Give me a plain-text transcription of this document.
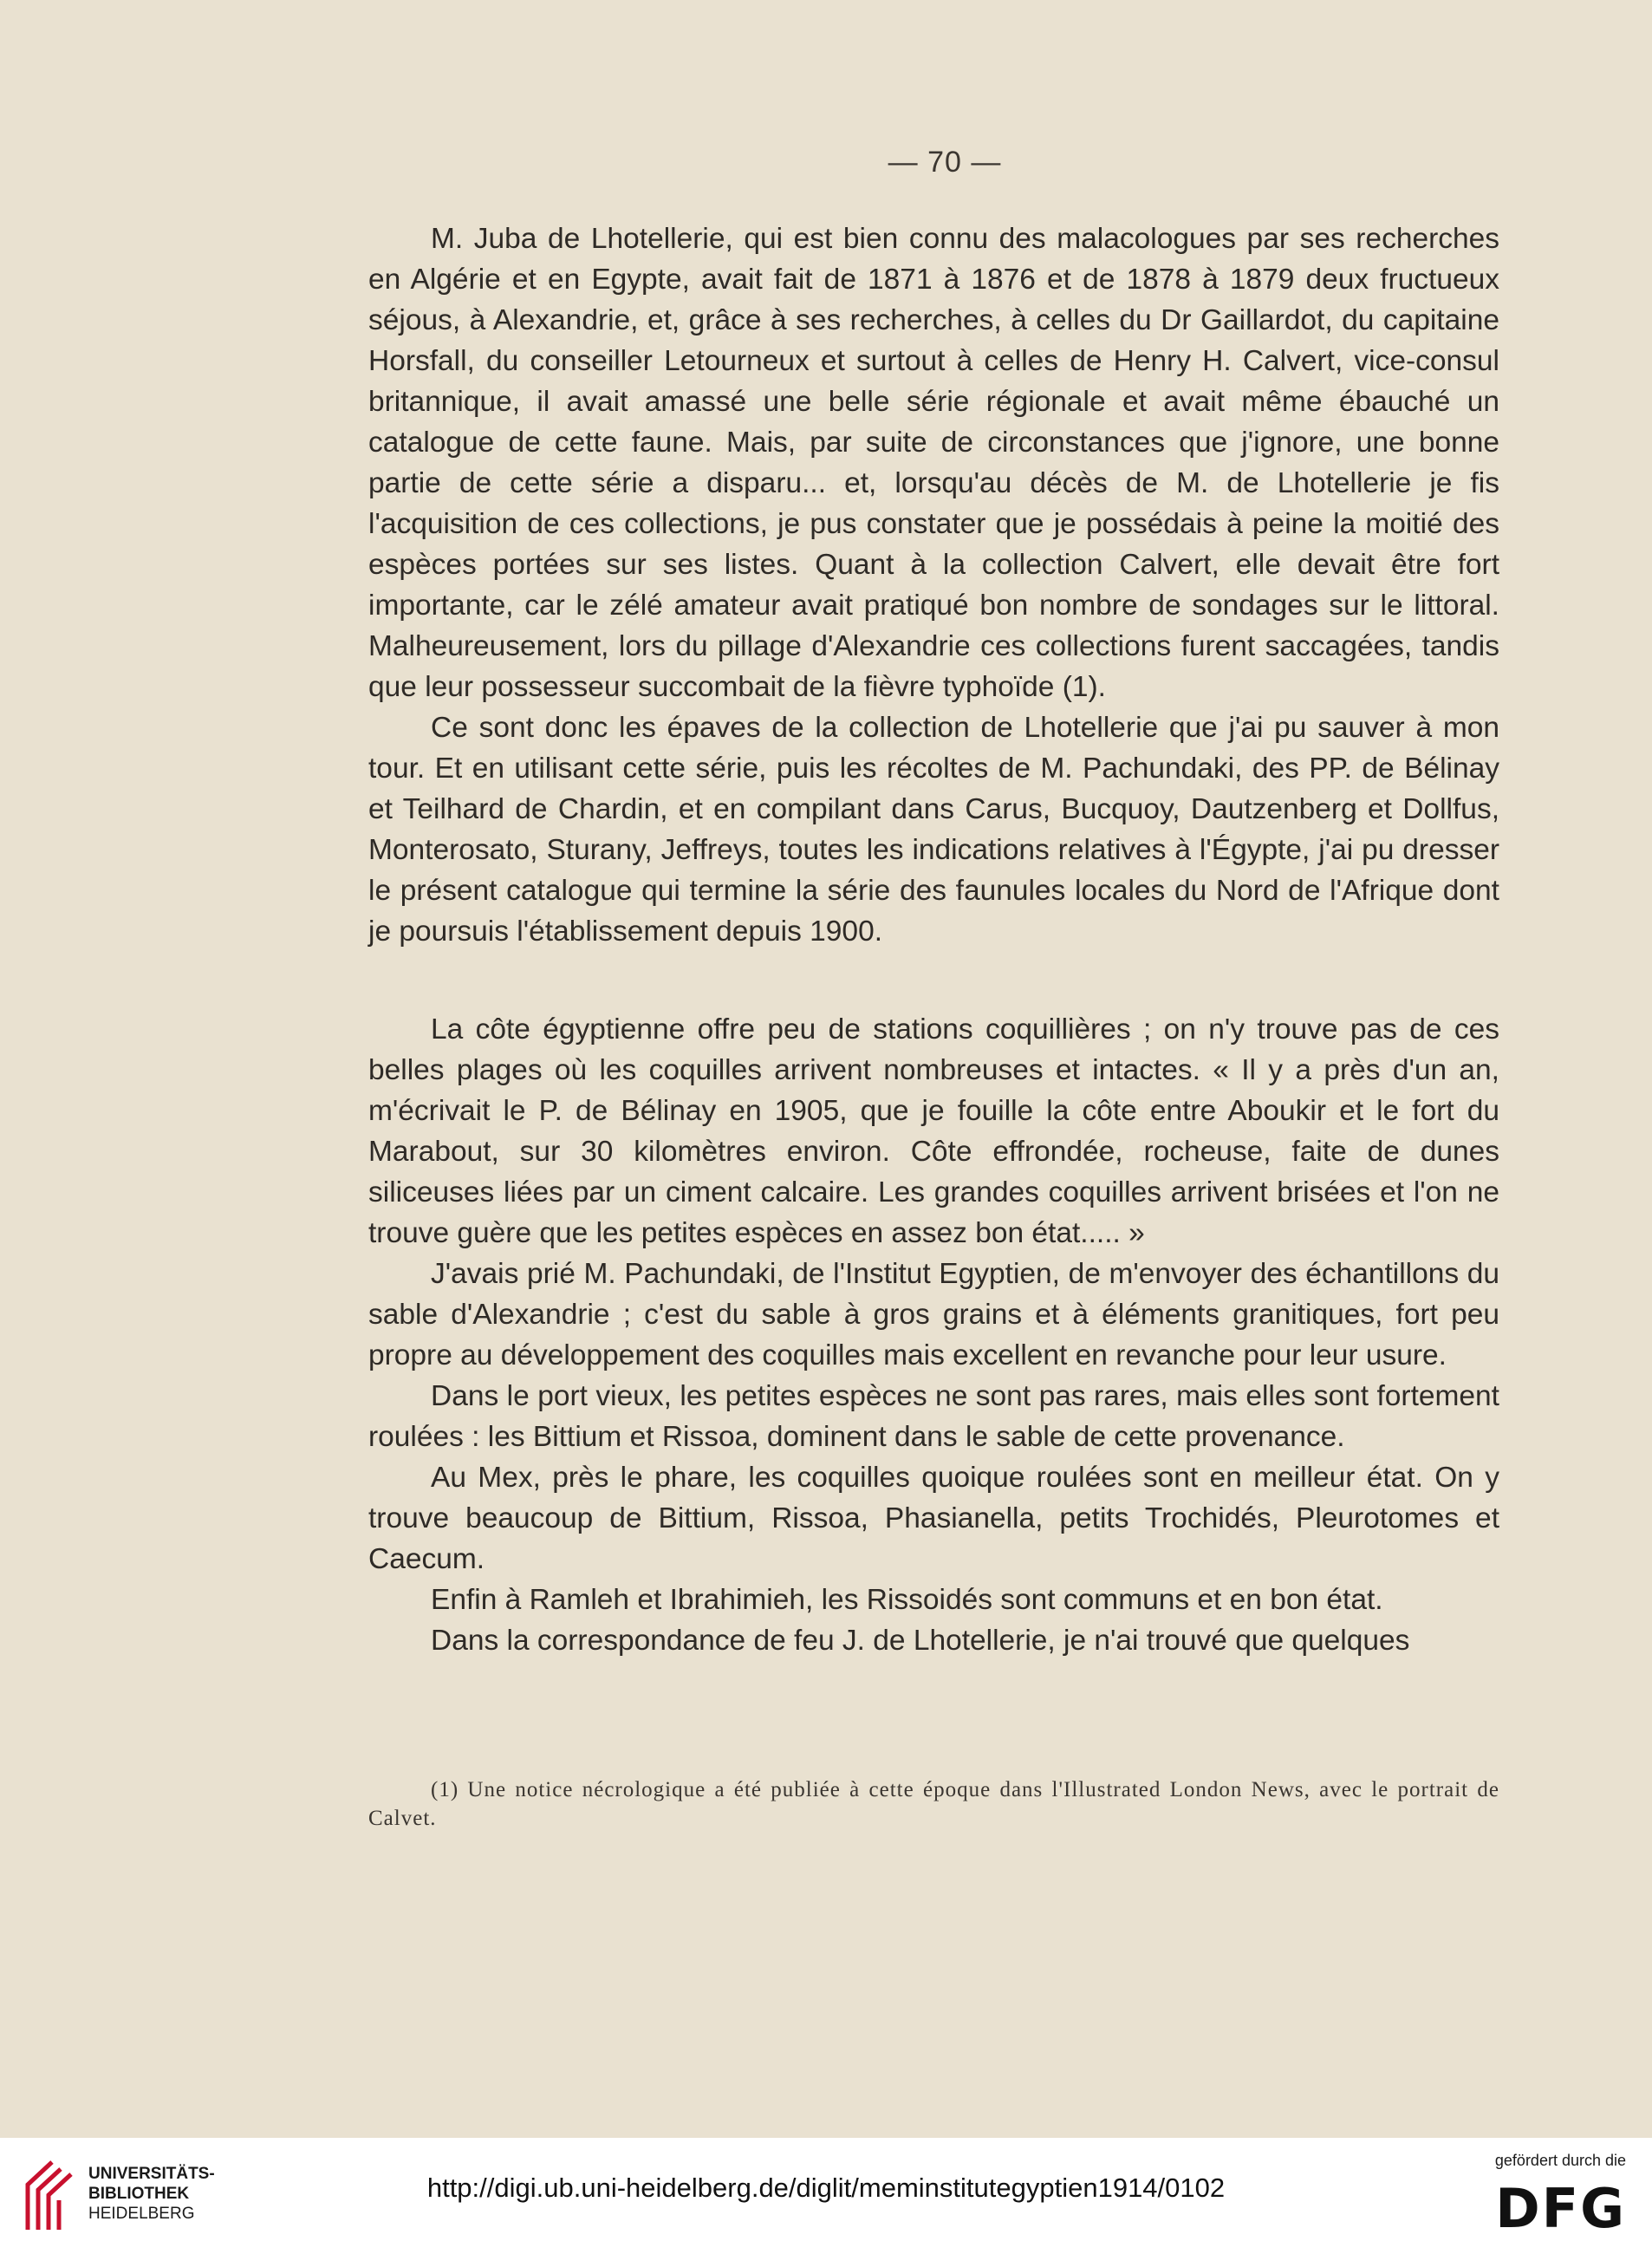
— 70 —

M. Juba de Lhotellerie, qui est bien connu des malacologues par ses recherches en Algérie et en Egypte, avait fait de 1871 à 1876 et de 1878 à 1879 deux fructueux séjous, à Alexandrie, et, grâce à ses recherches, à celles du Dr Gaillardot, du capitaine Horsfall, du conseiller Letourneux et surtout à celles de Henry H. Calvert, vice-consul britannique, il avait amassé une belle série régionale et avait même ébauché un catalogue de cette faune. Mais, par suite de circonstances que j'ignore, une bonne partie de cette série a disparu... et, lorsqu'au décès de M. de Lhotellerie je fis l'acquisition de ces collections, je pus constater que je possédais à peine la moitié des espèces portées sur ses listes. Quant à la collection Calvert, elle devait être fort importante, car le zélé amateur avait pratiqué bon nombre de sondages sur le littoral. Malheureusement, lors du pillage d'Alexandrie ces collections furent saccagées, tandis que leur possesseur succombait de la fièvre typhoïde (1).

Ce sont donc les épaves de la collection de Lhotellerie que j'ai pu sauver à mon tour. Et en utilisant cette série, puis les récoltes de M. Pachundaki, des PP. de Bélinay et Teilhard de Chardin, et en compilant dans Carus, Bucquoy, Dautzenberg et Dollfus, Monterosato, Sturany, Jeffreys, toutes les indications relatives à l'Égypte, j'ai pu dresser le présent catalogue qui termine la série des faunules locales du Nord de l'Afrique dont je poursuis l'établissement depuis 1900.

La côte égyptienne offre peu de stations coquillières ; on n'y trouve pas de ces belles plages où les coquilles arrivent nombreuses et intactes. « Il y a près d'un an, m'écrivait le P. de Bélinay en 1905, que je fouille la côte entre Aboukir et le fort du Marabout, sur 30 kilomètres environ. Côte effrondée, rocheuse, faite de dunes siliceuses liées par un ciment calcaire. Les grandes coquilles arrivent brisées et l'on ne trouve guère que les petites espèces en assez bon état..... »

J'avais prié M. Pachundaki, de l'Institut Egyptien, de m'envoyer des échantillons du sable d'Alexandrie ; c'est du sable à gros grains et à éléments granitiques, fort peu propre au développement des coquilles mais excellent en revanche pour leur usure.

Dans le port vieux, les petites espèces ne sont pas rares, mais elles sont fortement roulées : les Bittium et Rissoa, dominent dans le sable de cette provenance.

Au Mex, près le phare, les coquilles quoique roulées sont en meilleur état. On y trouve beaucoup de Bittium, Rissoa, Phasianella, petits Trochidés, Pleurotomes et Caecum.

Enfin à Ramleh et Ibrahimieh, les Rissoidés sont communs et en bon état.

Dans la correspondance de feu J. de Lhotellerie, je n'ai trouvé que quelques

(1) Une notice nécrologique a été publiée à cette époque dans l'Illustrated London News, avec le portrait de Calvet.

UNIVERSITÄTS-
BIBLIOTHEK
HEIDELBERG
http://digi.ub.uni-heidelberg.de/diglit/meminstitutegyptien1914/0102
gefördert durch die
DFG
